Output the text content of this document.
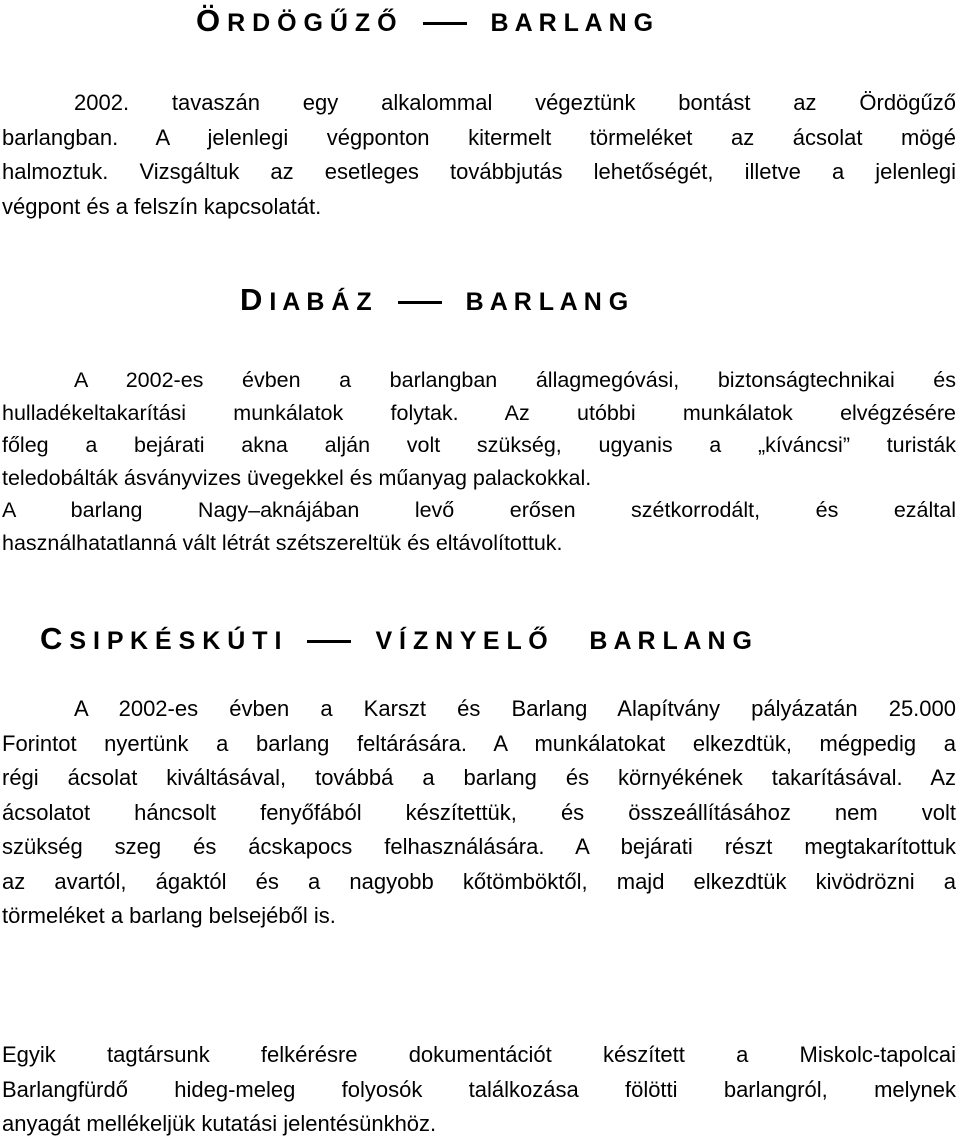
Ö R D Ö G Ű Z Ő	B A R L A N G
2002. tavaszán egy alkalommal végeztünk bontást az Ördögűző
barlangban. A jelenlegi végponton kitermelt törmeléket az ácsolat mögé
halmoztuk. Vizsgáltuk az esetleges továbbjutás lehetőségét, illetve a jelenlegi
végpont és a felszín kapcsolatát.
D I A B Á Z	B A R L A N G
A 2002-es évben a barlangban állagmegóvási, biztonságtechnikai és
hulladékeltakarítási munkálatok folytak. Az utóbbi munkálatok elvégzésére
főleg a bejárati akna alján volt szükség, ugyanis a „kíváncsi” turisták
teledobálták ásványvizes üvegekkel és műanyag palackokkal.
A barlang Nagy–aknájában levő erősen szétkorrodált, és ezáltal
használhatatlanná vált létrát szétszereltük és eltávolítottuk.
C S I P K É S K Ú T I	V Í Z N Y E L Ő B A R L A N G
A 2002-es évben a Karszt és Barlang Alapítvány pályázatán 25.000
Forintot nyertünk a barlang feltárására. A munkálatokat elkezdtük, mégpedig a
régi ácsolat kiváltásával, továbbá a barlang és környékének takarításával. Az
ácsolatot háncsolt fenyőfából készítettük, és összeállításához nem volt
szükség szeg és ácskapocs felhasználására. A bejárati részt megtakarítottuk
az avartól, ágaktól és a nagyobb kőtömböktől, majd elkezdtük kivödrözni a
törmeléket a barlang belsejéből is.
Egyik tagtársunk felkérésre dokumentációt készített a Miskolc-tapolcai
Barlangfürdő hideg-meleg folyosók találkozása fölötti barlangról, melynek
anyagát mellékeljük kutatási jelentésünkhöz.
